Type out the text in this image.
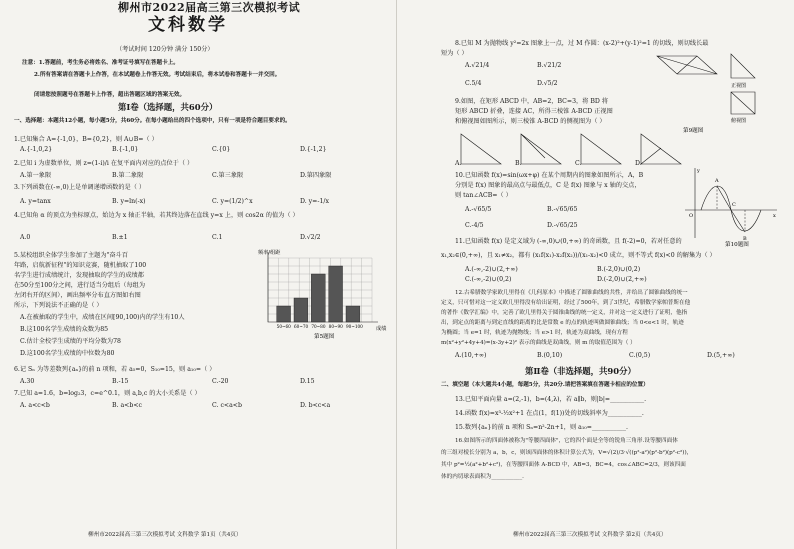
柳州市2022届高三第三次模拟考试
文科数学
（考试时间 120分钟 满分 150分）
注意：1.答题前，考生务必将姓名、准考证号填写在答题卡上。
2.所有答案请在答题卡上作答，在本试题卷上作答无效。考试结束后，将本试卷和答题卡一并交回。
闭请您按照题号在答题卡上作答，超出答题区域的答案无效。
第Ⅰ卷（选择题，共60分）
一、选择题：本题共12小题，每小题5分，共60分。在每小题给出的四个选项中，只有一项是符合题目要求的。
1.已知集合 A={-1,0}，B={0,2}，则 A∪B=（ ）
A.{-1,0,2}	B.{-1,0}	C.{0}	D.{-1,2}
2.已知 i 为虚数单位，则 z=(1-i)/i 在复平面内对应的点位于（ ）
A.第一象限	B.第二象限	C.第三象限	D.第四象限
3.下列函数在(-∞,0)上是单调递增函数的是（ ）
A. y=tanx	B. y=ln(-x)	C. y=(1/2)^x	D. y=-1/x
4.已知角 α 的顶点为坐标原点，始边为 x 轴正半轴，若其终边落在直线 y=x 上，则 cos2α 的值为（ ）
A.0	B.±1	C.1	D.√2/2
5.某校组织全体学生参加了主题为"奋斗百
年路，启航新征程"的知识竞赛，随机抽取了100
名学生进行成绩统计，发现抽取的学生的成绩都
在50分至100分之间，进行适当分组后（每组为
左闭右开的区间），画出频率分布直方图如右图
所示，下列说法不正确的是（ ）
A.在被抽取的学生中，成绩在区间[90,100)内的学生有10人
B.这100名学生成绩的众数为85
C.估计全校学生成绩的平均分数为78
D.这100名学生成绩的中位数为80
频率/组距
成绩
第5题图
50~60 60~70 70~80 80~90 90~100
6.记 Sₙ 为等差数列{aₙ}的前 n 项和，若 a₅=0，S₁₀=15，则 a₁₀=（ ）
A.30	B.-15	C.-20	D.15
7.已知 a=1.6，b=log₂3，c=e^0.1，则 a,b,c 的大小关系是（ ）
A. a<c<b	B. a<b<c	C. c<a<b	D. b<c<a
柳州市2022届高三第三次模拟考试 文科数学 第1页（共4页）
8.已知 M 为抛物线 y²=2x 图象上一点，过 M 作圆：(x-2)²+(y-1)²=1 的切线，则切线长最
短为（ ）
A.√21/4	B.√21/2
C.5/4	D.√5/2
9.如图，在矩形 ABCD 中，AB=2，BC=3，将 BD 将
矩形 ABCD 折叠，连接 AC，所得三棱锥 A-BCD 正视图
和俯视图如图所示，则三棱锥 A-BCD 的侧视图为（ ）
正视图
俯视图
第9题图
A.	B.	C.	D.
10.已知函数 f(x)=sin(ωx+φ) 在某个周期内的图象如图所示，A，B
分别是 f(x) 图象的最高点与最低点，C 是 f(x) 图象与 x 轴的交点，
则 tan∠ACB=（ ）
A.-√65/5	B.-√65/65
C.-4/5	D.-√65/25
O	x
y
A
B
C
第10题图
11.已知函数 f(x) 是定义域为 (-∞,0)∪(0,+∞) 的奇函数，且 f(-2)=0，若对任意的
x₁,x₂∈(0,+∞)，且 x₁≠x₂，都有 (x₁f(x₁)-x₂f(x₂))/(x₁-x₂)<0 成立，则不等式 f(x)<0 的解集为（ ）
A.(-∞,-2)∪(2,+∞)	B.(-2,0)∪(0,2)
C.(-∞,-2)∪(0,2)	D.(-2,0)∪(2,+∞)
12.古希腊数学家欧几里得在《几何原本》中描述了圆锥曲线的共性，并给出了圆锥曲线的统一
定义，只可惜对这一定义欧几里得没有给出证明，经过了500年，到了3世纪，希腊数学家帕普斯在他
的著作《数学汇编》中，完善了欧几里得关于圆锥曲线的统一定义，并对这一定义进行了证明，他指
出，到定点的距离与到定直线的距离的比是常数 e 的点的轨迹叫做圆锥曲线；当 0<e<1 时，轨迹
为椭圆；当 e=1 时，轨迹为抛物线；当 e>1 时，轨迹为双曲线，现有方程
m(x²+y²+4y+4)=(x-3y+2)² 表示的曲线是双曲线，则 m 的取值范围为（ ）
A.(10,+∞)	B.(0,10)	C.(0,5)	D.(5,+∞)
第Ⅱ卷（非选择题，共90分）
二、填空题（本大题共4小题，每题5分，共20分.请把答案填在答题卡相应的位置）
13.已知平面向量 a=(2,-1)，b=(4,λ)，若 a∥b，则|b|=___________.
14.函数 f(x)=x³-½x²+1 在点(1，f(1))处的切线斜率为___________.
15.数列{aₙ}的前 n 项和 Sₙ=n²-2n+1，则 a₁₀=___________.
16.如图所示的四面体被称为"等腰四面体"，它的四个面是全等的锐角三角形.设等腰四面体
的三组对棱长分别为 a，b，c，则该四面体的体积计算公式为，V=√(2)/3·√((p²-a²)(p²-b²)(p²-c²))，
其中 p²=½(a²+b²+c²)，在等腰四面体 A-BCD 中，AB=3，BC=4，cos∠ABC=2/3，则该四面
体的内切球表面积为___________.
柳州市2022届高三第三次模拟考试 文科数学 第2页（共4页）
